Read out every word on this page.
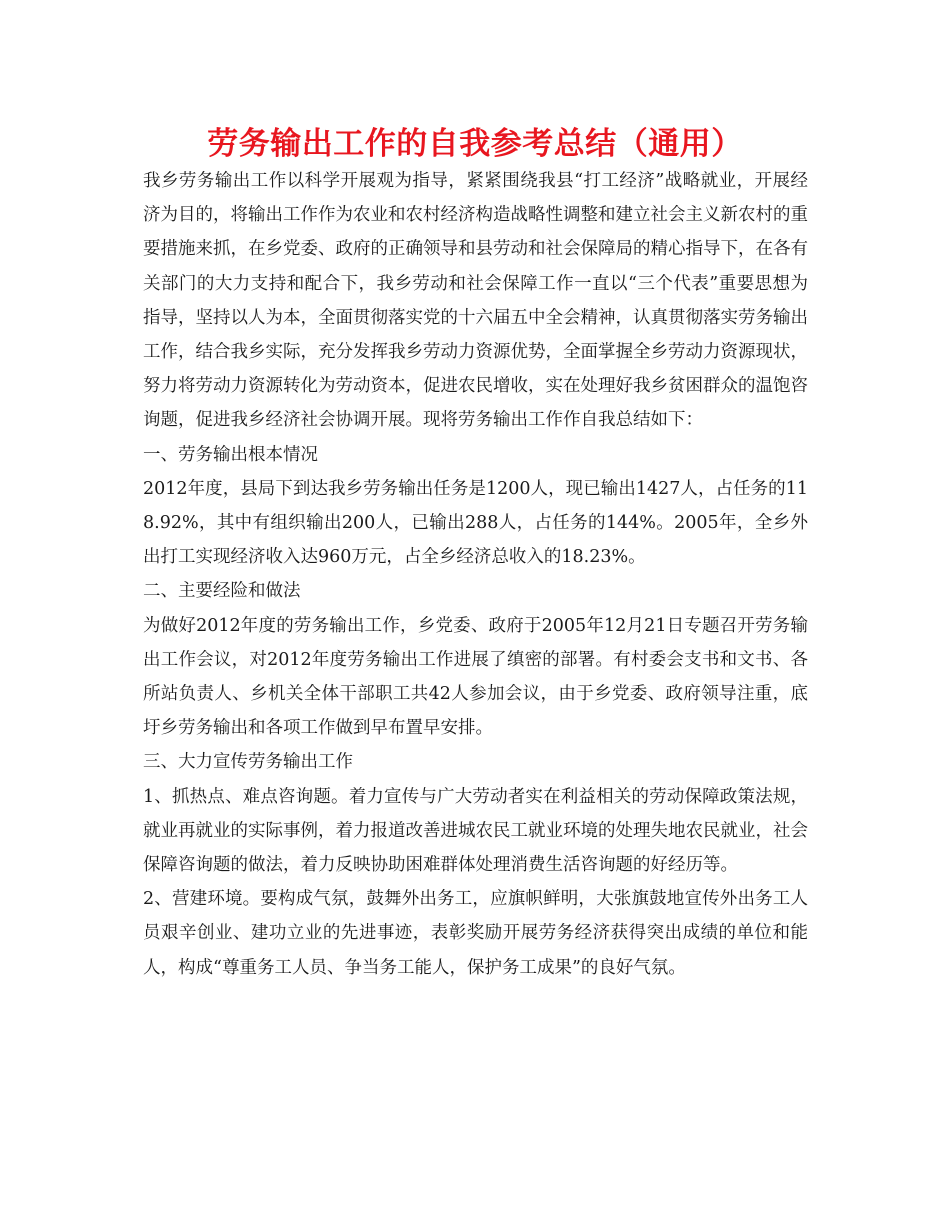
劳务输出工作的自我参考总结（通用）

我乡劳务输出工作以科学开展观为指导，紧紧围绕我县“打工经济”战略就业，开展经济为目的，将输出工作作为农业和农村经济构造战略性调整和建立社会主义新农村的重要措施来抓，在乡党委、政府的正确领导和县劳动和社会保障局的精心指导下，在各有关部门的大力支持和配合下，我乡劳动和社会保障工作一直以“三个代表”重要思想为指导，坚持以人为本，全面贯彻落实党的十六届五中全会精神，认真贯彻落实劳务输出工作，结合我乡实际，充分发挥我乡劳动力资源优势，全面掌握全乡劳动力资源现状，努力将劳动力资源转化为劳动资本，促进农民增收，实在处理好我乡贫困群众的温饱咨询题，促进我乡经济社会协调开展。现将劳务输出工作作自我总结如下：

一、劳务输出根本情况

2012年度，县局下到达我乡劳务输出任务是1200人，现已输出1427人，占任务的118.92%，其中有组织输出200人，已输出288人，占任务的144%。2005年，全乡外出打工实现经济收入达960万元，占全乡经济总收入的18.23%。

二、主要经险和做法

为做好2012年度的劳务输出工作，乡党委、政府于2005年12月21日专题召开劳务输出工作会议，对2012年度劳务输出工作进展了缜密的部署。有村委会支书和文书、各所站负责人、乡机关全体干部职工共42人参加会议，由于乡党委、政府领导注重，底圩乡劳务输出和各项工作做到早布置早安排。

三、大力宣传劳务输出工作

1、抓热点、难点咨询题。着力宣传与广大劳动者实在利益相关的劳动保障政策法规，就业再就业的实际事例，着力报道改善进城农民工就业环境的处理失地农民就业，社会保障咨询题的做法，着力反映协助困难群体处理消费生活咨询题的好经历等。

2、营建环境。要构成气氛，鼓舞外出务工，应旗帜鲜明，大张旗鼓地宣传外出务工人员艰辛创业、建功立业的先进事迹，表彰奖励开展劳务经济获得突出成绩的单位和能人，构成“尊重务工人员、争当务工能人，保护务工成果”的良好气氛。
